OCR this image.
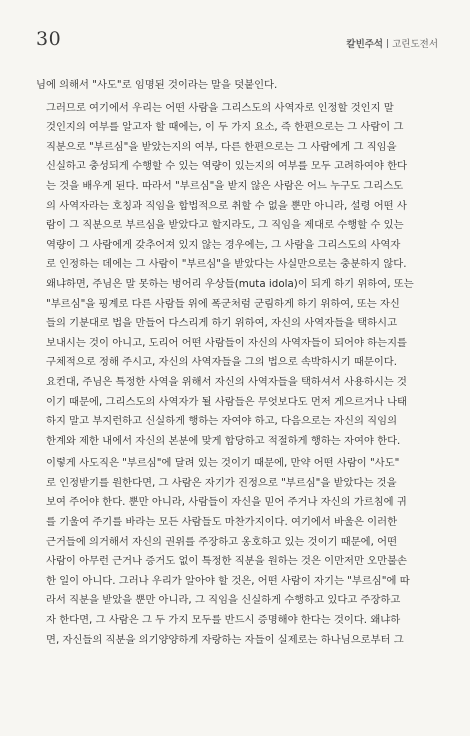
30	칼빈주석 고린도전서

님에 의해서 "사도"로 임명된 것이라는 말을 덧붙인다.

그러므로 여기에서 우리는 어떤 사람을 그리스도의 사역자로 인정할 것인지 말
것인지의 여부를 알고자 할 때에는, 이 두 가지 요소, 즉 한편으로는 그 사람이 그
직분으로 "부르심"을 받았는지의 여부, 다른 한편으로는 그 사람에게 그 직임을
신실하고 충성되게 수행할 수 있는 역량이 있는지의 여부를 모두 고려하여야 한다
는 것을 배우게 된다. 따라서 "부르심"을 받지 않은 사람은 어느 누구도 그리스도
의 사역자라는 호칭과 직임을 합법적으로 취할 수 없을 뿐만 아니라, 설령 어떤 사
람이 그 직분으로 부르심을 받았다고 할지라도, 그 직임을 제대로 수행할 수 있는
역량이 그 사람에게 갖추어져 있지 않는 경우에는, 그 사람을 그리스도의 사역자
로 인정하는 데에는 그 사람이 "부르심"을 받았다는 사실만으로는 충분하지 않다.
왜냐하면, 주님은 말 못하는 벙어리 우상들(muta idola)이 되게 하기 위하여, 또는
"부르심"을 핑계로 다른 사람들 위에 폭군처럼 군림하게 하기 위하여, 또는 자신
들의 기분대로 법을 만들어 다스리게 하기 위하여, 자신의 사역자들을 택하시고
보내시는 것이 아니고, 도리어 어떤 사람들이 자신의 사역자들이 되어야 하는지를
구체적으로 정해 주시고, 자신의 사역자들을 그의 법으로 속박하시기 때문이다.
요컨대, 주님은 특정한 사역을 위해서 자신의 사역자들을 택하셔서 사용하시는 것
이기 때문에, 그리스도의 사역자가 될 사람들은 무엇보다도 먼저 게으르거나 나태
하지 말고 부지런하고 신실하게 행하는 자여야 하고, 다음으로는 자신의 직임의
한계와 제한 내에서 자신의 본분에 맞게 합당하고 적절하게 행하는 자여야 한다.

이렇게 사도직은 "부르심"에 달려 있는 것이기 때문에, 만약 어떤 사람이 "사도"
로 인정받기를 원한다면, 그 사람은 자기가 진정으로 "부르심"을 받았다는 것을
보여 주어야 한다. 뿐만 아니라, 사람들이 자신을 믿어 주거나 자신의 가르침에 귀
를 기울여 주기를 바라는 모든 사람들도 마찬가지이다. 여기에서 바울은 이러한
근거들에 의거해서 자신의 권위를 주장하고 옹호하고 있는 것이기 때문에, 어떤
사람이 아무런 근거나 증거도 없이 특정한 직분을 원하는 것은 이만저만 오만불손
한 일이 아니다. 그러나 우리가 알아야 할 것은, 어떤 사람이 자기는 "부르심"에 따
라서 직분을 받았을 뿐만 아니라, 그 직임을 신실하게 수행하고 있다고 주장하고
자 한다면, 그 사람은 그 두 가지 모두를 반드시 증명해야 한다는 것이다. 왜냐하
면, 자신들의 직분을 의기양양하게 자랑하는 자들이 실제로는 하나님으로부터 그
